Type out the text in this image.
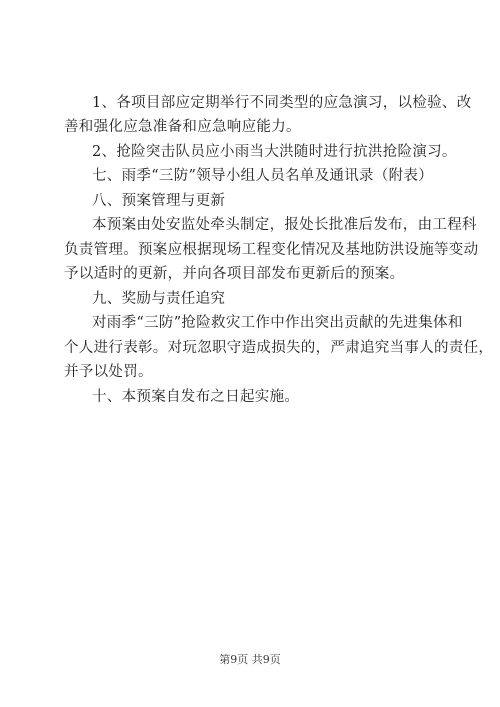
1、各项目部应定期举行不同类型的应急演习，以检验、改
善和强化应急准备和应急响应能力。
2、抢险突击队员应小雨当大洪随时进行抗洪抢险演习。
七、雨季“三防”领导小组人员名单及通讯录（附表）
八、预案管理与更新
本预案由处安监处牵头制定，报处长批准后发布，由工程科
负责管理。预案应根据现场工程变化情况及基地防洪设施等变动
予以适时的更新，并向各项目部发布更新后的预案。
九、奖励与责任追究
对雨季“三防”抢险救灾工作中作出突出贡献的先进集体和
个人进行表彰。对玩忽职守造成损失的，严肃追究当事人的责任，
并予以处罚。
十、本预案自发布之日起实施。
第9页 共9页
